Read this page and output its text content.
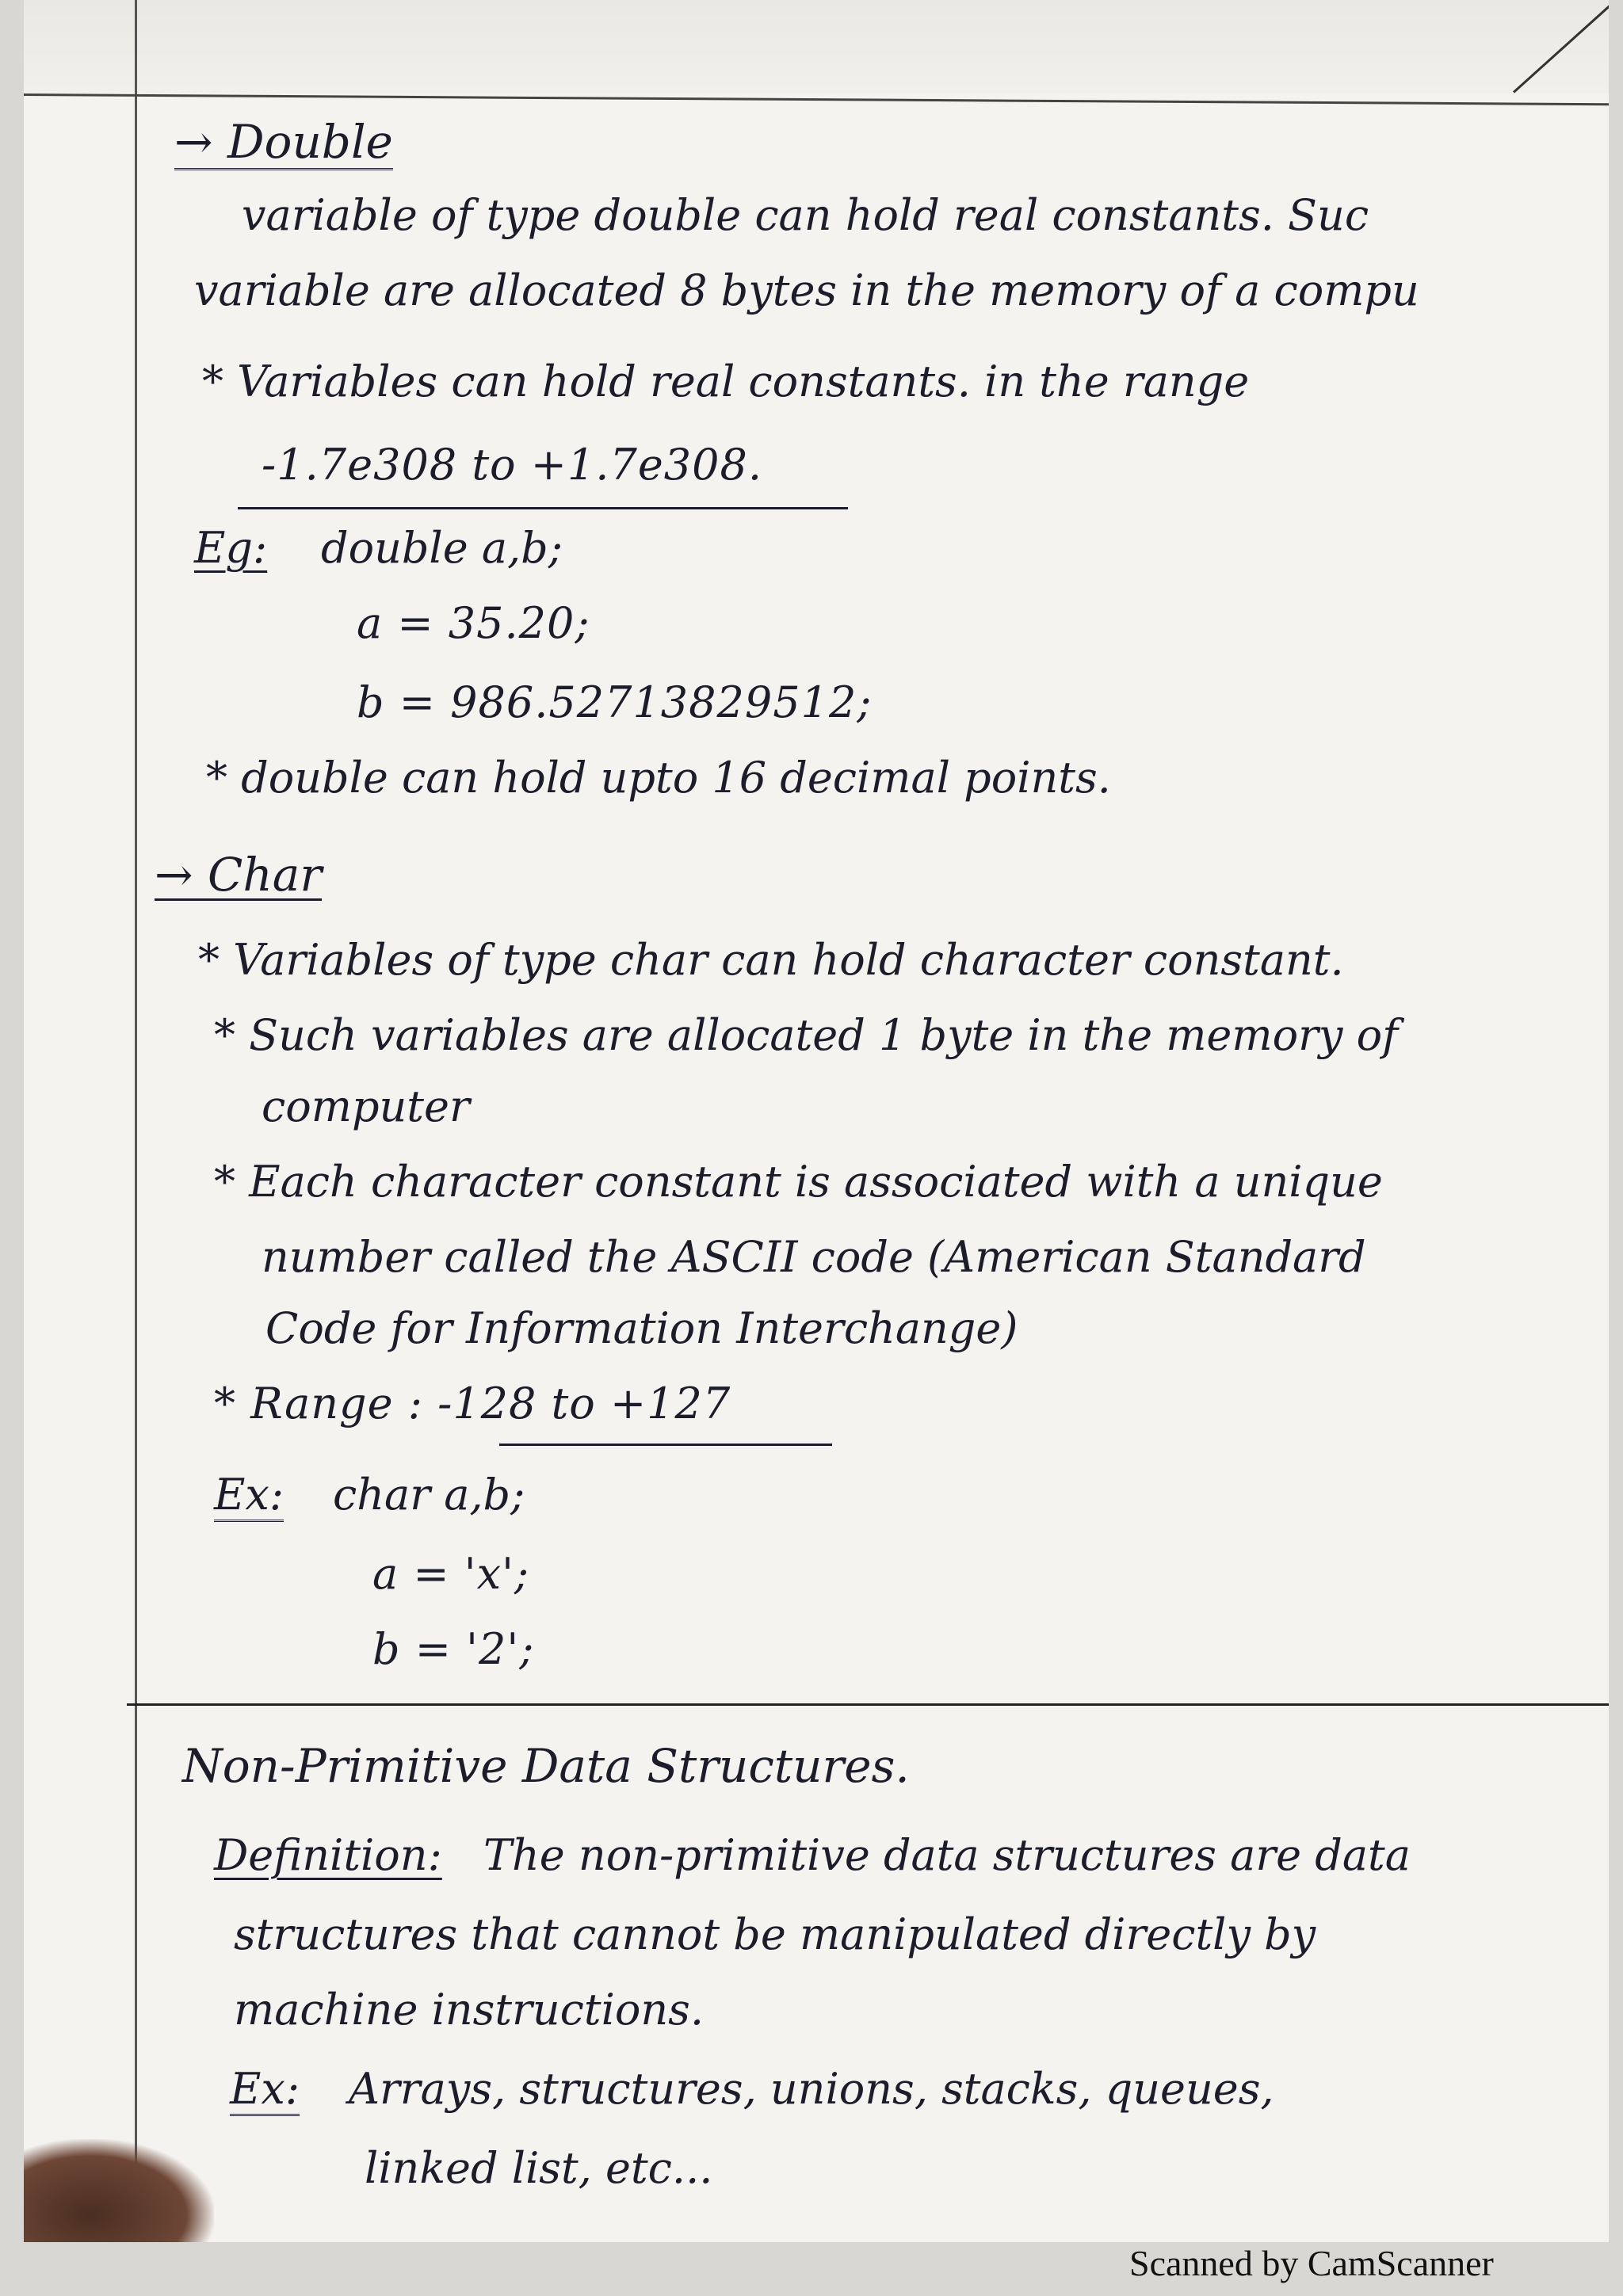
→ Double
variable of type double can hold real constants. Suc
variable are allocated 8 bytes in the memory of a compu
* Variables can hold real constants. in the range
-1.7e308 to +1.7e308.
Eg: double a,b;
a = 35.20;
b = 986.52713829512;
* double can hold upto 16 decimal points.
→ Char
* Variables of type char can hold character constant.
* Such variables are allocated 1 byte in the memory of
computer
* Each character constant is associated with a unique
number called the ASCII code (American Standard
Code for Information Interchange)
* Range : -128 to +127
Ex: char a,b;
a = 'x';
b = '2';
Non-Primitive Data Structures.
Definition: The non-primitive data structures are data
structures that cannot be manipulated directly by
machine instructions.
Ex: Arrays, structures, unions, stacks, queues,
linked list, etc...
Scanned by CamScanner
